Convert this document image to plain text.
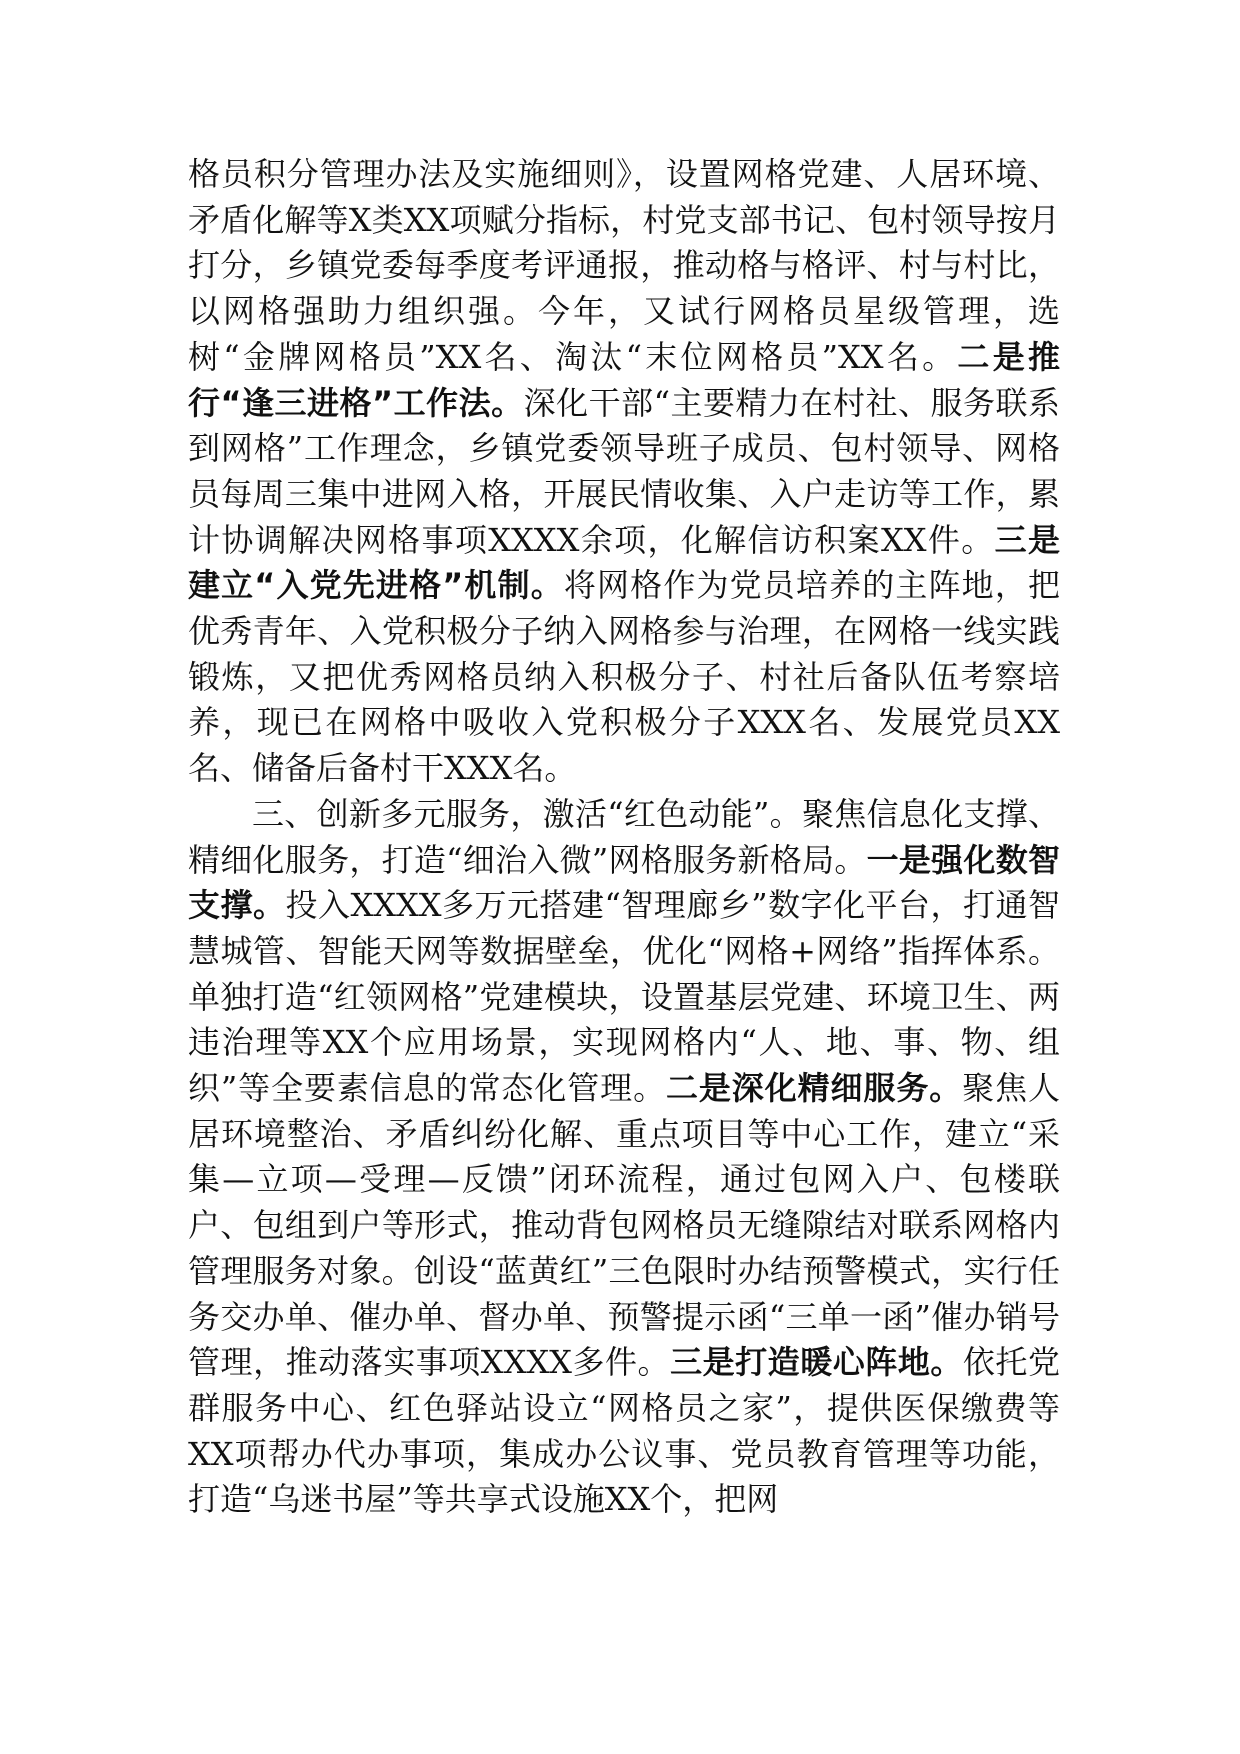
格员积分管理办法及实施细则》，设置网格党建、人居环境、矛盾化解等X类XX项赋分指标，村党支部书记、包村领导按月打分，乡镇党委每季度考评通报，推动格与格评、村与村比，以网格强助力组织强。今年，又试行网格员星级管理，选树“金牌网格员”XX名、淘汰“末位网格员”XX名。二是推行“逢三进格”工作法。深化干部“主要精力在村社、服务联系到网格”工作理念，乡镇党委领导班子成员、包村领导、网格员每周三集中进网入格，开展民情收集、入户走访等工作，累计协调解决网格事项XXXX余项，化解信访积案XX件。三是建立“入党先进格”机制。将网格作为党员培养的主阵地，把优秀青年、入党积极分子纳入网格参与治理，在网格一线实践锻炼，又把优秀网格员纳入积极分子、村社后备队伍考察培养，现已在网格中吸收入党积极分子XXX名、发展党员XX名、储备后备村干XXX名。

三、创新多元服务，激活“红色动能”。聚焦信息化支撑、精细化服务，打造“细治入微”网格服务新格局。一是强化数智支撑。投入XXXX多万元搭建“智理廊乡”数字化平台，打通智慧城管、智能天网等数据壁垒，优化“网格+网络”指挥体系。单独打造“红领网格”党建模块，设置基层党建、环境卫生、两违治理等XX个应用场景，实现网格内“人、地、事、物、组织”等全要素信息的常态化管理。二是深化精细服务。聚焦人居环境整治、矛盾纠纷化解、重点项目等中心工作，建立“采集—立项—受理—反馈”闭环流程，通过包网入户、包楼联户、包组到户等形式，推动背包网格员无缝隙结对联系网格内管理服务对象。创设“蓝黄红”三色限时办结预警模式，实行任务交办单、催办单、督办单、预警提示函“三单一函”催办销号管理，推动落实事项XXXX多件。三是打造暖心阵地。依托党群服务中心、红色驿站设立“网格员之家”，提供医保缴费等XX项帮办代办事项，集成办公议事、党员教育管理等功能，打造“乌迷书屋”等共享式设施XX个，把网
